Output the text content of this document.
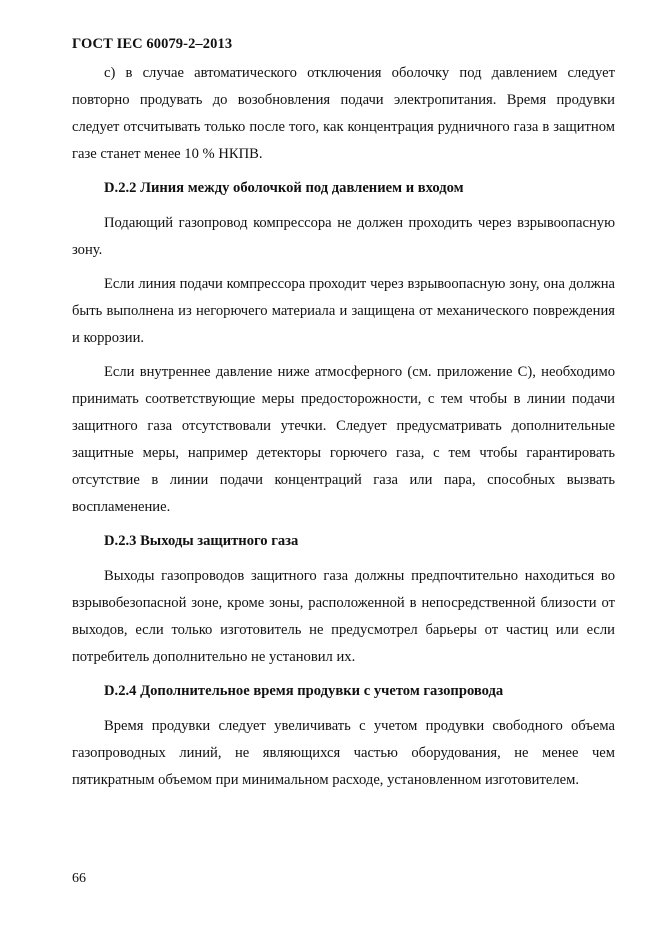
ГОСТ IEC 60079-2–2013

c) в случае автоматического отключения оболочку под давлением следует повторно продувать до возобновления подачи электропитания. Время продувки следует отсчитывать только после того, как концентрация рудничного газа в защитном газе станет менее 10 % НКПВ.

D.2.2 Линия между оболочкой под давлением и входом

Подающий газопровод компрессора не должен проходить через взрывоопасную зону.

Если линия подачи компрессора проходит через взрывоопасную зону, она должна быть выполнена из негорючего материала и защищена от механического повреждения и коррозии.

Если внутреннее давление ниже атмосферного (см. приложение С), необходимо принимать соответствующие меры предосторожности, с тем чтобы в линии подачи защитного газа отсутствовали утечки. Следует предусматривать дополнительные защитные меры, например детекторы горючего газа, с тем чтобы гарантировать отсутствие в линии подачи концентраций газа или пара, способных вызвать воспламенение.

D.2.3 Выходы защитного газа

Выходы газопроводов защитного газа должны предпочтительно находиться во взрывобезопасной зоне, кроме зоны, расположенной в непосредственной близости от выходов, если только изготовитель не предусмотрел барьеры от частиц или если потребитель дополнительно не установил их.

D.2.4 Дополнительное время продувки с учетом газопровода

Время продувки следует увеличивать с учетом продувки свободного объема газопроводных линий, не являющихся частью оборудования, не менее чем пятикратным объемом при минимальном расходе, установленном изготовителем.

66
